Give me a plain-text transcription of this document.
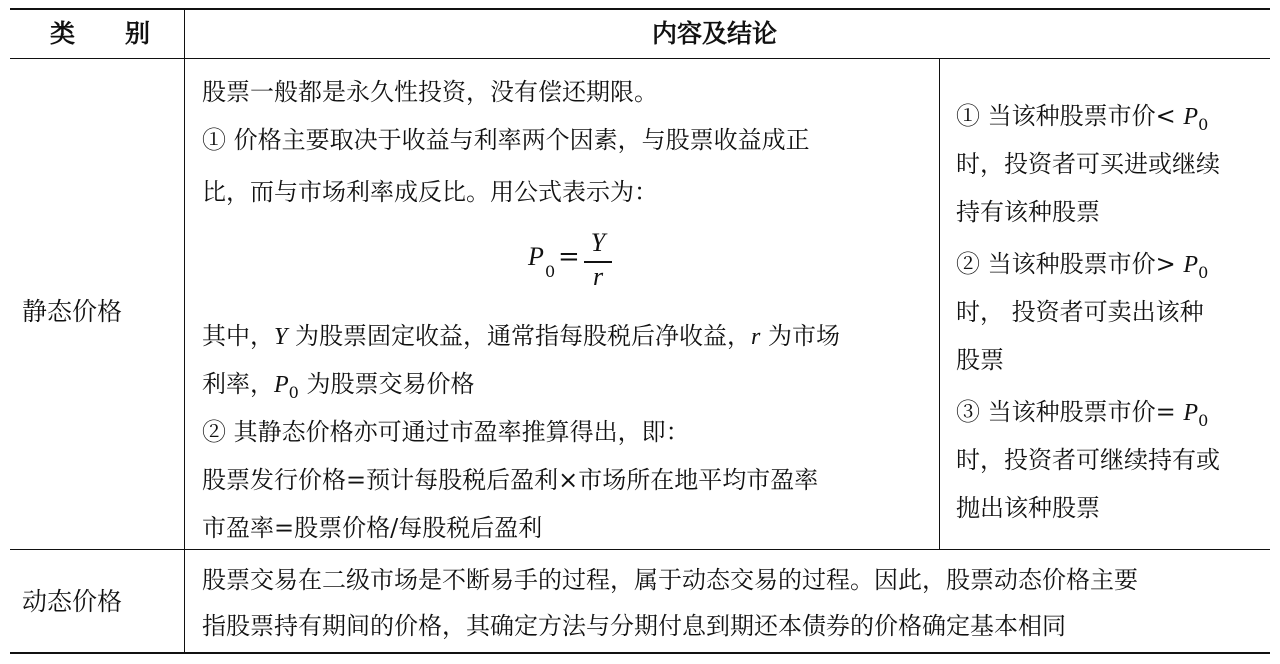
类　　别	内容及结论
静态价格
股票一般都是永久性投资，没有偿还期限。
① 价格主要取决于收益与利率两个因素，与股票收益成正
比，而与市场利率成反比。用公式表示为：
P
0 = Y
r
其中，Y 为股票固定收益，通常指每股税后净收益，r 为市场
利率，$P_0$ 为股票交易价格
② 其静态价格亦可通过市盈率推算得出，即：
股票发行价格=预计每股税后盈利×市场所在地平均市盈率
市盈率=股票价格/每股税后盈利
① 当该种股票市价< $P_0$
时，投资者可买进或继续
持有该种股票
② 当该种股票市价> $P_0$
时， 投资者可卖出该种
股票
③ 当该种股票市价= $P_0$
时，投资者可继续持有或
抛出该种股票
动态价格
股票交易在二级市场是不断易手的过程，属于动态交易的过程。因此，股票动态价格主要
指股票持有期间的价格，其确定方法与分期付息到期还本债券的价格确定基本相同
